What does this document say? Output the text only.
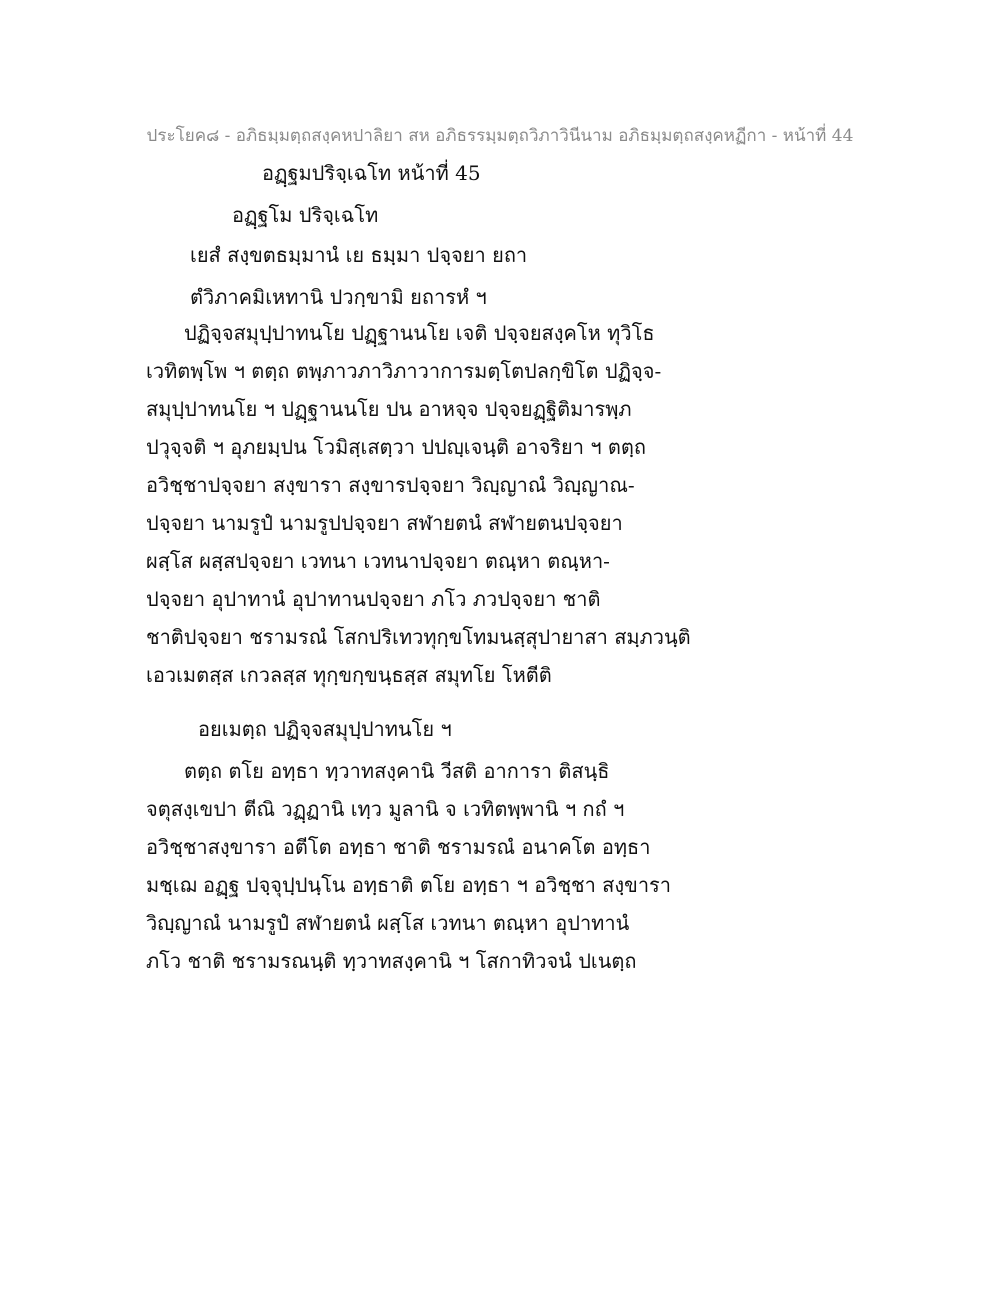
ประโยค๘ - อภิธมฺมตฺถสงฺคหปาลิยา สห อภิธรรมฺมตฺถวิภาวินีนาม อภิธมฺมตฺถสงฺคหฏีกา - หน้าที่ 44
อฏฺฐมปริจฺเฉโท หน้าที่ 45
อฏฺฐโม ปริจฺเฉโท
เยสํ สงฺขตธมฺมานํ เย ธมฺมา ปจฺจยา ยถา
ตํวิภาคมิเหทานิ ปวกฺขามิ ยถารหํ ฯ
ปฏิจฺจสมุปฺปาทนโย ปฏฺฐานนโย เจติ ปจฺจยสงฺคโห ทุวิโธ
เวทิตพฺโพ ฯ ตตฺถ ตพฺภาวภาวิภาวาการมตฺโตปลกฺขิโต ปฏิจฺจ-
สมุปฺปาทนโย ฯ ปฏฺฐานนโย ปน อาหจฺจ ปจฺจยฏฺฐิติมารพฺภ
ปวุจฺจติ ฯ อุภยมฺปน โวมิสฺเสตฺวา ปปญฺเจนฺติ อาจริยา ฯ ตตฺถ
อวิชฺชาปจฺจยา สงฺขารา สงฺขารปจฺจยา วิญฺญาณํ วิญฺญาณ-
ปจฺจยา นามรูปํ นามรูปปจฺจยา สฬายตนํ สฬายตนปจฺจยา
ผสฺโส ผสฺสปจฺจยา เวทนา เวทนาปจฺจยา ตณฺหา ตณฺหา-
ปจฺจยา อุปาทานํ อุปาทานปจฺจยา ภโว ภวปจฺจยา ชาติ
ชาติปจฺจยา ชรามรณํ โสกปริเทวทุกฺขโทมนสฺสุปายาสา สมฺภวนฺติ
เอวเมตสฺส เกวลสฺส ทุกฺขกฺขนฺธสฺส สมุทโย โหตีติ
อยเมตฺถ ปฏิจฺจสมุปฺปาทนโย ฯ
ตตฺถ ตโย อทฺธา ทฺวาทสงฺคานิ วีสติ อาการา ติสนฺธิ
จตุสงฺเขปา ตีณิ วฏฺฏานิ เทฺว มูลานิ จ เวทิตพฺพานิ ฯ กถํ ฯ
อวิชฺชาสงฺขารา อตีโต อทฺธา ชาติ ชรามรณํ อนาคโต อทฺธา
มชฺเฌ อฏฺฐ ปจฺจุปฺปนฺโน อทฺธาติ ตโย อทฺธา ฯ อวิชฺชา สงฺขารา
วิญฺญาณํ นามรูปํ สฬายตนํ ผสฺโส เวทนา ตณฺหา อุปาทานํ
ภโว ชาติ ชรามรณนฺติ ทฺวาทสงฺคานิ ฯ โสกาทิวจนํ ปเนตฺถ
